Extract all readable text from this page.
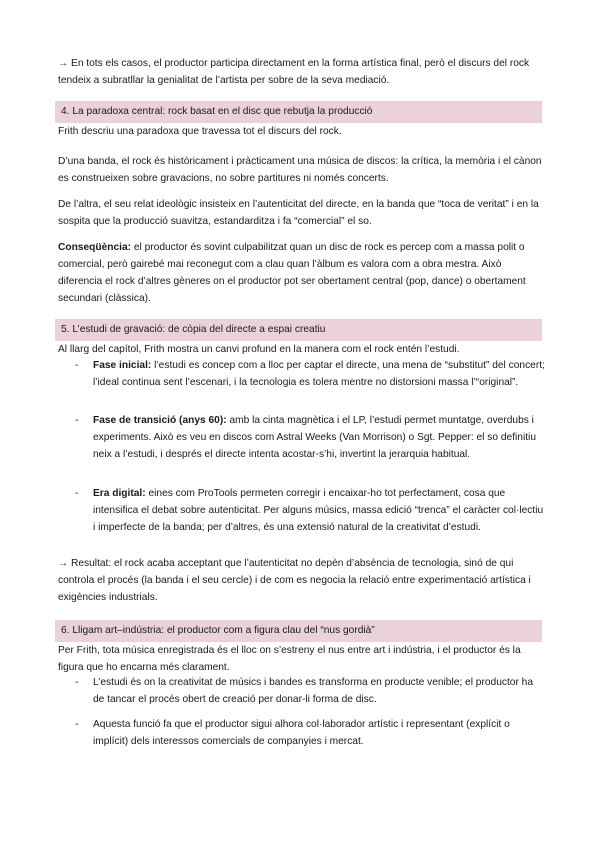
→ En tots els casos, el productor participa directament en la forma artística final, però el discurs del rock tendeix a subratllar la genialitat de l’artista per sobre de la seva mediació.

4. La paradoxa central: rock basat en el disc que rebutja la producció

Frith descriu una paradoxa que travessa tot el discurs del rock.

D’una banda, el rock és històricament i pràcticament una música de discos: la crítica, la memòria i el cànon es construeixen sobre gravacions, no sobre partitures ni només concerts.

De l’altra, el seu relat ideològic insisteix en l’autenticitat del directe, en la banda que “toca de veritat” i en la sospita que la producció suavitza, estandarditza i fa “comercial” el so.

Conseqüència: el productor és sovint culpabilitzat quan un disc de rock es percep com a massa polit o comercial, però gairebé mai reconegut com a clau quan l’àlbum es valora com a obra mestra. Això diferencia el rock d’altres gèneres on el productor pot ser obertament central (pop, dance) o obertament secundari (clàssica).

5. L’estudi de gravació: de còpia del directe a espai creatiu

Al llarg del capítol, Frith mostra un canvi profund en la manera com el rock entén l’estudi.

- Fase inicial: l’estudi es concep com a lloc per captar el directe, una mena de “substitut” del concert; l’ideal continua sent l’escenari, i la tecnologia es tolera mentre no distorsioni massa l’“original”.
- Fase de transició (anys 60): amb la cinta magnètica i el LP, l’estudi permet muntatge, overdubs i experiments. Això es veu en discos com Astral Weeks (Van Morrison) o Sgt. Pepper: el so definitiu neix a l’estudi, i després el directe intenta acostar-s’hi, invertint la jerarquia habitual.
- Era digital: eines com ProTools permeten corregir i encaixar-ho tot perfectament, cosa que intensifica el debat sobre autenticitat. Per alguns músics, massa edició “trenca” el caràcter col·lectiu i imperfecte de la banda; per d’altres, és una extensió natural de la creativitat d’estudi.

→ Resultat: el rock acaba acceptant que l’autenticitat no depèn d’absència de tecnologia, sinó de qui controla el procés (la banda i el seu cercle) i de com es negocia la relació entre experimentació artística i exigències industrials.

6. Lligam art–indústria: el productor com a figura clau del “nus gordià”

Per Frith, tota música enregistrada és el lloc on s’estreny el nus entre art i indústria, i el productor és la figura que ho encarna més clarament.

- L’estudi és on la creativitat de músics i bandes es transforma en producte venible; el productor ha de tancar el procés obert de creació per donar-li forma de disc.
- Aquesta funció fa que el productor sigui alhora col·laborador artístic i representant (explícit o implícit) dels interessos comercials de companyies i mercat.
